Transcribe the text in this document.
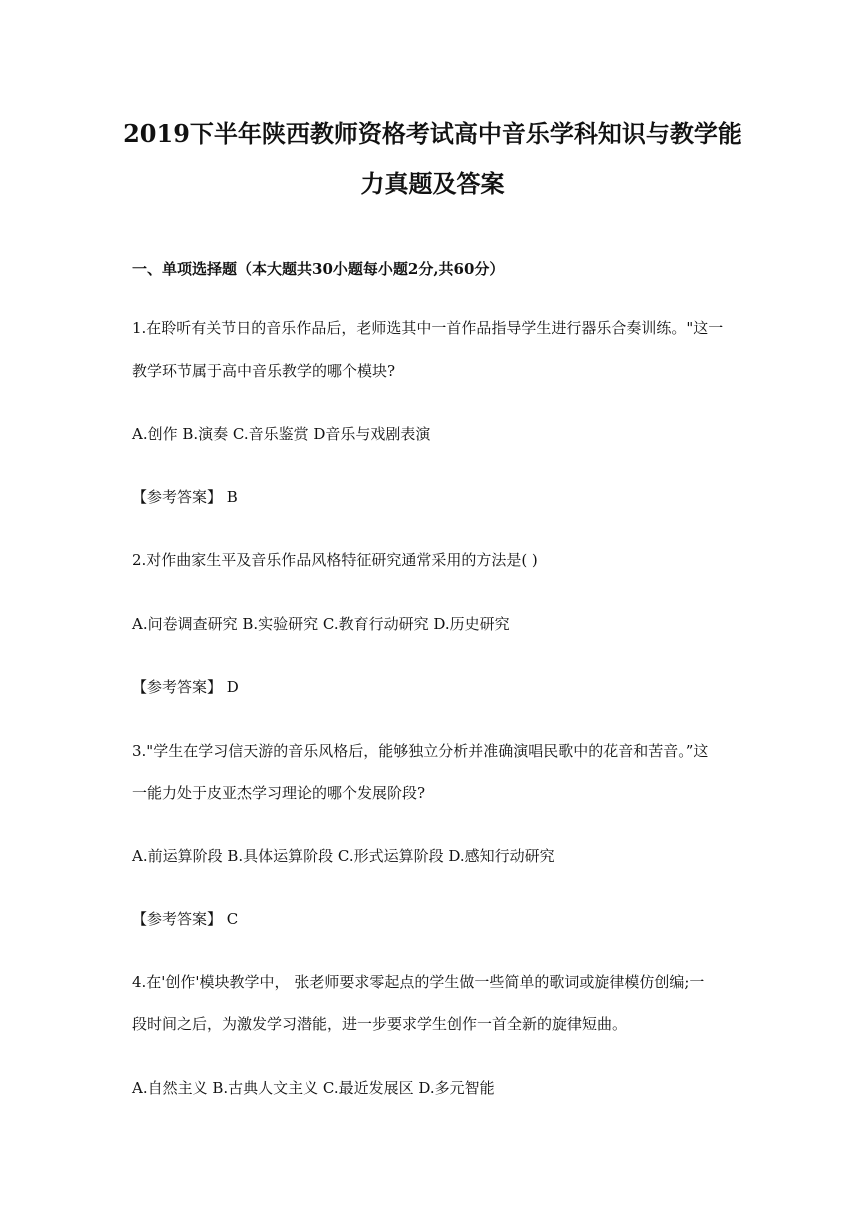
2019下半年陕西教师资格考试高中音乐学科知识与教学能
力真题及答案
一、单项选择题（本大题共30小题每小题2分,共60分）
1.在聆听有关节日的音乐作品后，老师选其中一首作品指导学生进行器乐合奏训练。"这一
教学环节属于高中音乐教学的哪个模块?
A.创作 B.演奏 C.音乐鉴赏 D音乐与戏剧表演
【参考答案】 B
2.对作曲家生平及音乐作品风格特征研究通常采用的方法是( )
A.问卷调查研究 B.实验研究 C.教育行动研究 D.历史研究
【参考答案】 D
3."学生在学习信天游的音乐风格后，能够独立分析并准确演唱民歌中的花音和苦音。”这
一能力处于皮亚杰学习理论的哪个发展阶段?
A.前运算阶段 B.具体运算阶段 C.形式运算阶段 D.感知行动研究
【参考答案】 C
4.在'创作'模块教学中， 张老师要求零起点的学生做一些简单的歌词或旋律模仿创编;一
段时间之后，为激发学习潜能，进一步要求学生创作一首全新的旋律短曲。
A.自然主义 B.古典人文主义 C.最近发展区 D.多元智能
